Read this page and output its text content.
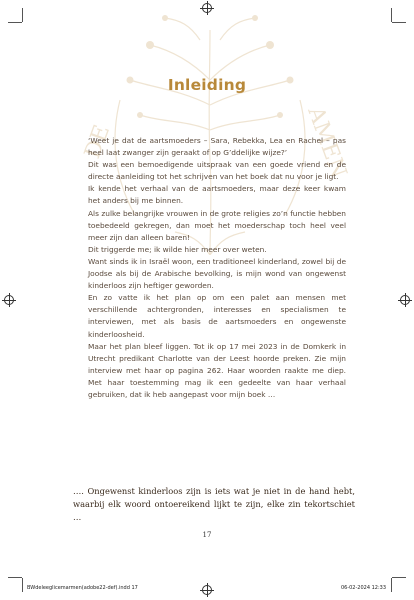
DE	AMEN
Inleiding

‘Weet je dat de aartsmoeders – Sara, Rebekka, Lea en Rachel – pas heel laat zwanger zijn geraakt of op G’ddelijke wijze?’

Dit was een bemoedigende uitspraak van een goede vriend en de directe aanleiding tot het schrijven van het boek dat nu voor je ligt.

Ik kende het verhaal van de aartsmoeders, maar deze keer kwam het anders bij me binnen.

Als zulke belangrijke vrouwen in de grote religies zo’n functie hebben toebedeeld gekregen, dan moet het moederschap toch heel veel meer zijn dan alleen baren!

Dit triggerde me; ik wilde hier meer over weten.

Want sinds ik in Israël woon, een traditioneel kinderland, zowel bij de Joodse als bij de Arabische bevolking, is mijn wond van ongewenst kinderloos zijn heftiger geworden.

En zo vatte ik het plan op om een palet aan mensen met verschillende achtergronden, interesses en specialismen te interviewen, met als basis de aartsmoeders en ongewenste kinderloosheid.

Maar het plan bleef liggen. Tot ik op 17 mei 2023 in de Domkerk in Utrecht predikant Charlotte van der Leest hoorde preken. Zie mijn interview met haar op pagina 262. Haar woorden raakte me diep. Met haar toestemming mag ik een gedeelte van haar verhaal gebruiken, dat ik heb aangepast voor mijn boek …

…. Ongewenst kinderloos zijn is iets wat je niet in de hand hebt, waarbij elk woord ontoereikend lijkt te zijn, elke zin tekortschiet …
17
BWdeleeglicemarmen(adobe22-def).indd 17	06-02-2024 12:33
